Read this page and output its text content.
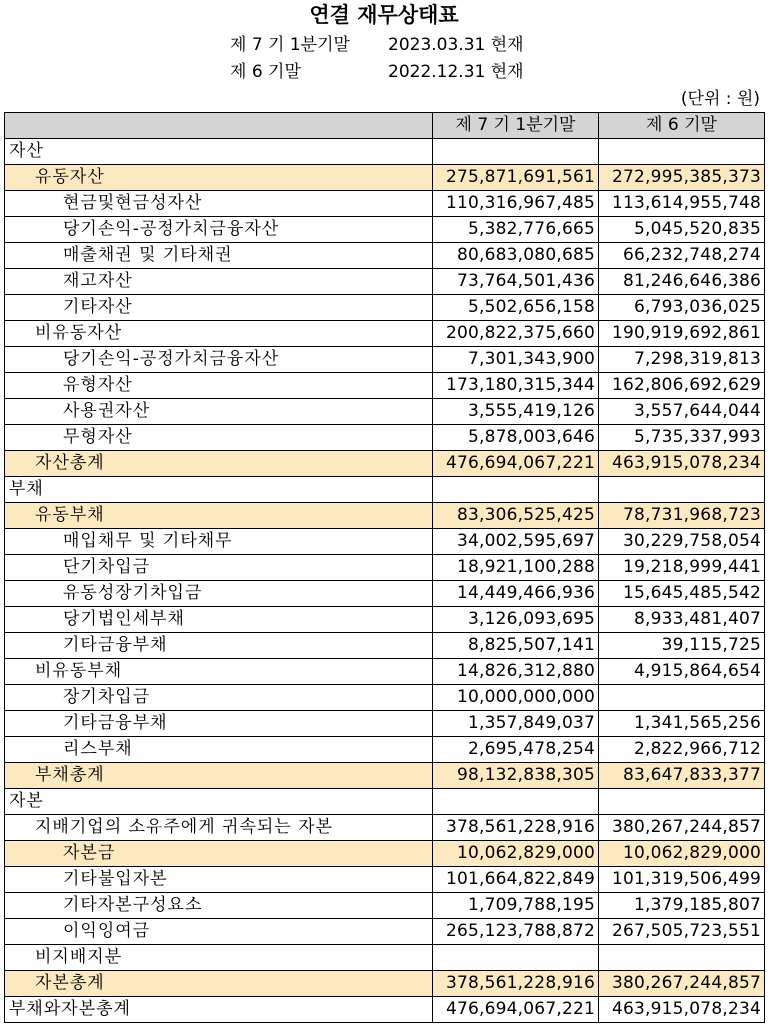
연결 재무상태표
제 7 기 1분기말 2023.03.31 현재
제 6 기말	2022.12.31 현재
(단위 : 원)
	제 7 기 1분기말	제 6 기말
자산		
유동자산	275,871,691,561	272,995,385,373
현금및현금성자산	110,316,967,485	113,614,955,748
당기손익-공정가치금융자산	5,382,776,665	5,045,520,835
매출채권 및 기타채권	80,683,080,685	66,232,748,274
재고자산	73,764,501,436	81,246,646,386
기타자산	5,502,656,158	6,793,036,025
비유동자산	200,822,375,660	190,919,692,861
당기손익-공정가치금융자산	7,301,343,900	7,298,319,813
유형자산	173,180,315,344	162,806,692,629
사용권자산	3,555,419,126	3,557,644,044
무형자산	5,878,003,646	5,735,337,993
자산총계	476,694,067,221	463,915,078,234
부채		
유동부채	83,306,525,425	78,731,968,723
매입채무 및 기타채무	34,002,595,697	30,229,758,054
단기차입금	18,921,100,288	19,218,999,441
유동성장기차입금	14,449,466,936	15,645,485,542
당기법인세부채	3,126,093,695	8,933,481,407
기타금융부채	8,825,507,141	39,115,725
비유동부채	14,826,312,880	4,915,864,654
장기차입금	10,000,000,000	
기타금융부채	1,357,849,037	1,341,565,256
리스부채	2,695,478,254	2,822,966,712
부채총계	98,132,838,305	83,647,833,377
자본		
지배기업의 소유주에게 귀속되는 자본	378,561,228,916	380,267,244,857
자본금	10,062,829,000	10,062,829,000
기타불입자본	101,664,822,849	101,319,506,499
기타자본구성요소	1,709,788,195	1,379,185,807
이익잉여금	265,123,788,872	267,505,723,551
비지배지분		
자본총계	378,561,228,916	380,267,244,857
부채와자본총계	476,694,067,221	463,915,078,234
